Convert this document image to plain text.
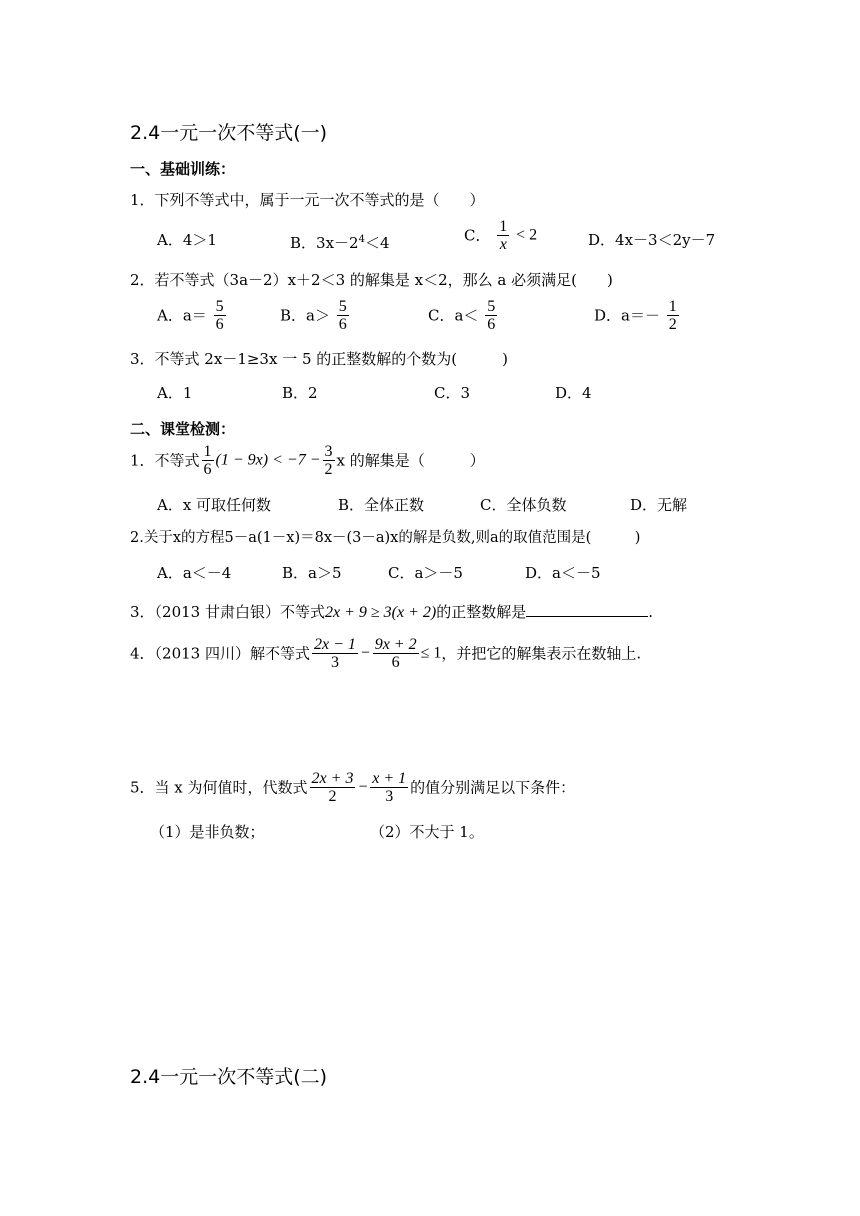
2.4一元一次不等式(一)
一、基础训练：
1．下列不等式中，属于一元一次不等式的是（　　）
A．4＞1	B．$3x-2^4<4$	C． $\frac{1}{x} < 2$	D．4x－3＜2y－7
2．若不等式（3a－2）x＋2＜3 的解集是 x＜2，那么 a 必须满足(　　)
A．$a= \frac{5}{6}$	B．$a> \frac{5}{6}$	C．$a< \frac{5}{6}$	D．$a=- \frac{1}{2}$
3．不等式 2x－1≥3x 一 5 的正整数解的个数为(　　　)
A．1	B．2	C．3	D．4
二、课堂检测：
1．不等式 $\frac{1}{6} (1 - 9x) < -7 - \frac{3}{2}$ x 的解集是（　　　）
A．x 可取任何数	B．全体正数	C．全体负数	D．无解
2.关于x的方程5－a(1－x)＝8x－(3－a)x的解是负数,则a的取值范围是(　　　)
A．a＜－4	B．a＞5	C．a＞－5	D．a＜－5
3．（2013 甘肃白银）不等式2x + 9 ≥ 3(x + 2)的正整数解是	.
4．（2013 四川）解不等式 $\frac{2x - 1}{3} - \frac{9x + 2}{6} \le 1$，并把它的解集表示在数轴上.
5．当 x 为何值时，代数式 $\frac{2x + 3}{2} - \frac{x + 1}{3}$ 的值分别满足以下条件：
（1）是非负数；	（2）不大于 1。
2.4一元一次不等式(二)
